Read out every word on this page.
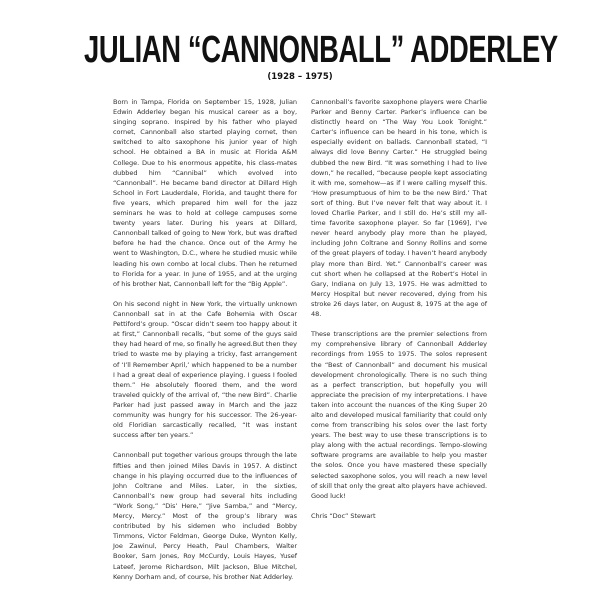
JULIAN “CANNONBALL” ADDERLEY
(1928 – 1975)

Born in Tampa, Florida on September 15, 1928, Julian Edwin Adderley began his musical career as a boy, singing soprano. Inspired by his father who played cornet, Cannonball also started playing cornet, then switched to alto saxophone his junior year of high school. He obtained a BA in music at Florida A&M College. Due to his enormous appetite, his class-mates dubbed him “Cannibal” which evolved into “Cannonball”. He became band director at Dillard High School in Fort Lauderdale, Florida, and taught there for five years, which prepared him well for the jazz seminars he was to hold at college campuses some twenty years later. During his years at Dillard, Cannonball talked of going to New York, but was drafted before he had the chance. Once out of the Army he went to Washington, D.C., where he studied music while leading his own combo at local clubs. Then he returned to Florida for a year. In June of 1955, and at the urging of his brother Nat, Cannonball left for the “Big Apple”.

On his second night in New York, the virtually unknown Cannonball sat in at the Cafe Bohemia with Oscar Pettiford’s group. “Oscar didn’t seem too happy about it at first,” Cannonball recalls, “but some of the guys said they had heard of me, so finally he agreed.But then they tried to waste me by playing a tricky, fast arrangement of ‘I’ll Remember April,’ which happened to be a number I had a great deal of experience playing. I guess I fooled them.” He absolutely floored them, and the word traveled quickly of the arrival of, “the new Bird”. Charlie Parker had just passed away in March and the jazz community was hungry for his successor. The 26-year-old Floridian sarcastically recalled, “It was instant success after ten years.”

Cannonball put together various groups through the late fifties and then joined Miles Davis in 1957. A distinct change in his playing occurred due to the influences of John Coltrane and Miles. Later, in the sixties, Cannonball’s new group had several hits including “Work Song,” “Dis’ Here,” “Jive Samba,” and “Mercy, Mercy, Mercy.” Most of the group’s library was contributed by his sidemen who included Bobby Timmons, Victor Feldman, George Duke, Wynton Kelly, Joe Zawinul, Percy Heath, Paul Chambers, Walter Booker, Sam Jones, Roy McCurdy, Louis Hayes, Yusef Lateef, Jerome Richardson, Milt Jackson, Blue Mitchel, Kenny Dorham and, of course, his brother Nat Adderley.

Cannonball’s favorite saxophone players were Charlie Parker and Benny Carter. Parker’s influence can be distinctly heard on “The Way You Look Tonight.” Carter’s influence can be heard in his tone, which is especially evident on ballads. Cannonball stated, “I always did love Benny Carter.” He struggled being dubbed the new Bird. “It was something I had to live down,” he recalled, “because people kept associating it with me, somehow—as if I were calling myself this. ‘How presumptuous of him to be the new Bird.’ That sort of thing. But I’ve never felt that way about it. I loved Charlie Parker, and I still do. He’s still my all-time favorite saxophone player. So far [1969], I’ve never heard anybody play more than he played, including John Coltrane and Sonny Rollins and some of the great players of today. I haven’t heard anybody play more than Bird. Yet.” Cannonball’s career was cut short when he collapsed at the Robert’s Hotel in Gary, Indiana on July 13, 1975. He was admitted to Mercy Hospital but never recovered, dying from his stroke 26 days later, on August 8, 1975 at the age of 48.

These transcriptions are the premier selections from my comprehensive library of Cannonball Adderley recordings from 1955 to 1975. The solos represent the “Best of Cannonball” and document his musical development chronologically. There is no such thing as a perfect transcription, but hopefully you will appreciate the precision of my interpretations. I have taken into account the nuances of the King Super 20 alto and developed musical familiarity that could only come from transcribing his solos over the last forty years. The best way to use these transcriptions is to play along with the actual recordings. Tempo-slowing software programs are available to help you master the solos. Once you have mastered these specially selected saxophone solos, you will reach a new level of skill that only the great alto players have achieved. Good luck!

Chris “Doc” Stewart
